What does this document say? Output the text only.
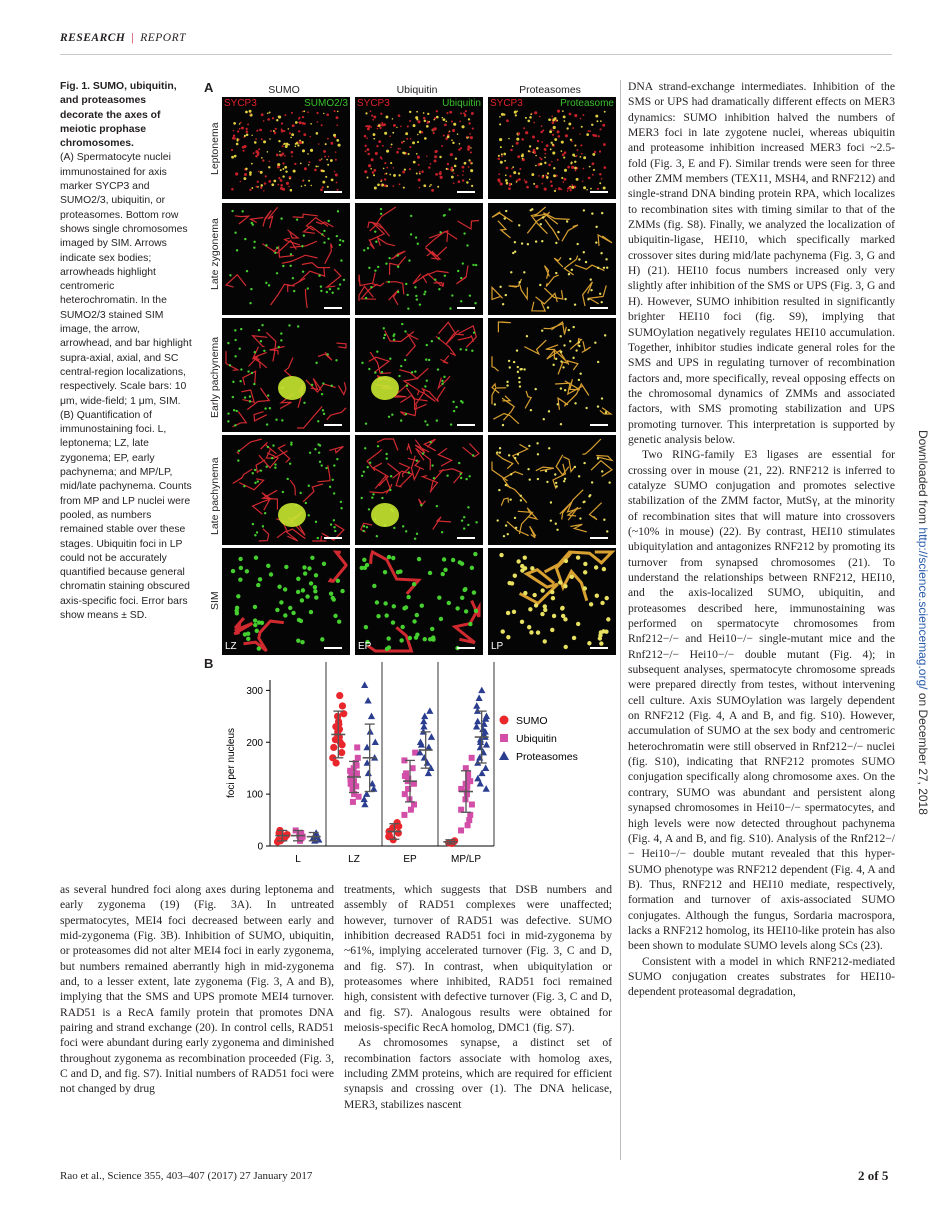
RESEARCH | REPORT
Fig. 1. SUMO, ubiquitin, and proteasomes decorate the axes of meiotic prophase chromosomes.
(A) Spermatocyte nuclei immunostained for axis marker SYCP3 and SUMO2/3, ubiquitin, or proteasomes. Bottom row shows single chromosomes imaged by SIM. Arrows indicate sex bodies; arrowheads highlight centromeric heterochromatin. In the SUMO2/3 stained SIM image, the arrow, arrowhead, and bar highlight supra-axial, axial, and SC central-region localizations, respectively. Scale bars: 10 μm, wide-field; 1 μm, SIM. (B) Quantification of immunostaining foci. L, leptonema; LZ, late zygonema; EP, early pachynema; and MP/LP, mid/late pachynema. Counts from MP and LP nuclei were pooled, as numbers remained stable over these stages. Ubiquitin foci in LP could not be accurately quantified because general chromatin staining obscured axis-specific foci. Error bars show means ± SD.
A	SUMO	Ubiquitin	Proteasomes
Leptonema
Late zygonema
Early pachynema
Late pachynema
SIM
SYCP3	SUMO2/3 SYCP3	Ubiquitin SYCP3	Proteasome
LZ	EP	LP
B
0
100
200
300
foci per nucleus
L	LZ	EP	MP/LP
SUMO
Ubiquitin
Proteasomes

DNA strand-exchange intermediates. Inhibition of the SMS or UPS had dramatically different effects on MER3 dynamics: SUMO inhibition halved the numbers of MER3 foci in late zygotene nuclei, whereas ubiquitin and proteasome inhibition increased MER3 foci ~2.5-fold (Fig. 3, E and F). Similar trends were seen for three other ZMM members (TEX11, MSH4, and RNF212) and single-strand DNA binding protein RPA, which localizes to recombination sites with timing similar to that of the ZMMs (fig. S8). Finally, we analyzed the localization of ubiquitin-ligase, HEI10, which specifically marked crossover sites during mid/late pachynema (Fig. 3, G and H) (21). HEI10 focus numbers increased only very slightly after inhibition of the SMS or UPS (Fig. 3, G and H). However, SUMO inhibition resulted in significantly brighter HEI10 foci (fig. S9), implying that SUMOylation negatively regulates HEI10 accumulation. Together, inhibitor studies indicate general roles for the SMS and UPS in regulating turnover of recombination factors and, more specifically, reveal opposing effects on the chromosomal dynamics of ZMMs and associated factors, with SMS promoting stabilization and UPS promoting turnover. This interpretation is supported by genetic analysis below.

Two RING-family E3 ligases are essential for crossing over in mouse (21, 22). RNF212 is inferred to catalyze SUMO conjugation and promotes selective stabilization of the ZMM factor, MutSγ, at the minority of recombination sites that will mature into crossovers (~10% in mouse) (22). By contrast, HEI10 stimulates ubiquitylation and antagonizes RNF212 by promoting its turnover from synapsed chromosomes (21). To understand the relationships between RNF212, HEI10, and the axis-localized SUMO, ubiquitin, and proteasomes described here, immunostaining was performed on spermatocyte chromosomes from Rnf212−/− and Hei10−/− single-mutant mice and the Rnf212−/− Hei10−/− double mutant (Fig. 4); in subsequent analyses, spermatocyte chromosome spreads were prepared directly from testes, without intervening cell culture. Axis SUMOylation was largely dependent on RNF212 (Fig. 4, A and B, and fig. S10). However, accumulation of SUMO at the sex body and centromeric heterochromatin were still observed in Rnf212−/− nuclei (fig. S10), indicating that RNF212 promotes SUMO conjugation specifically along chromosome axes. On the contrary, SUMO was abundant and persistent along synapsed chromosomes in Hei10−/− spermatocytes, and high levels were now detected throughout pachynema (Fig. 4, A and B, and fig. S10). Analysis of the Rnf212−/− Hei10−/− double mutant revealed that this hyper-SUMO phenotype was RNF212 dependent (Fig. 4, A and B). Thus, RNF212 and HEI10 mediate, respectively, formation and turnover of axis-associated SUMO conjugates. Although the fungus, Sordaria macrospora, lacks a RNF212 homolog, its HEI10-like protein has also been shown to modulate SUMO levels along SCs (23).

Consistent with a model in which RNF212-mediated SUMO conjugation creates substrates for HEI10-dependent proteasomal degradation,

as several hundred foci along axes during leptonema and early zygonema (19) (Fig. 3A). In untreated spermatocytes, MEI4 foci decreased between early and mid-zygonema (Fig. 3B). Inhibition of SUMO, ubiquitin, or proteasomes did not alter MEI4 foci in early zygonema, but numbers remained aberrantly high in mid-zygonema and, to a lesser extent, late zygonema (Fig. 3, A and B), implying that the SMS and UPS promote MEI4 turnover. RAD51 is a RecA family protein that promotes DNA pairing and strand exchange (20). In control cells, RAD51 foci were abundant during early zygonema and diminished throughout zygonema as recombination proceeded (Fig. 3, C and D, and fig. S7). Initial numbers of RAD51 foci were not changed by drug

treatments, which suggests that DSB numbers and assembly of RAD51 complexes were unaffected; however, turnover of RAD51 was defective. SUMO inhibition decreased RAD51 foci in mid-zygonema by ~61%, implying accelerated turnover (Fig. 3, C and D, and fig. S7). In contrast, when ubiquitylation or proteasomes where inhibited, RAD51 foci remained high, consistent with defective turnover (Fig. 3, C and D, and fig. S7). Analogous results were obtained for meiosis-specific RecA homolog, DMC1 (fig. S7).

As chromosomes synapse, a distinct set of recombination factors associate with homolog axes, including ZMM proteins, which are required for efficient synapsis and crossing over (1). The DNA helicase, MER3, stabilizes nascent

Downloaded from http://science.sciencemag.org/ on December 27, 2018
Rao et al., Science 355, 403–407 (2017) 27 January 2017	2 of 5
